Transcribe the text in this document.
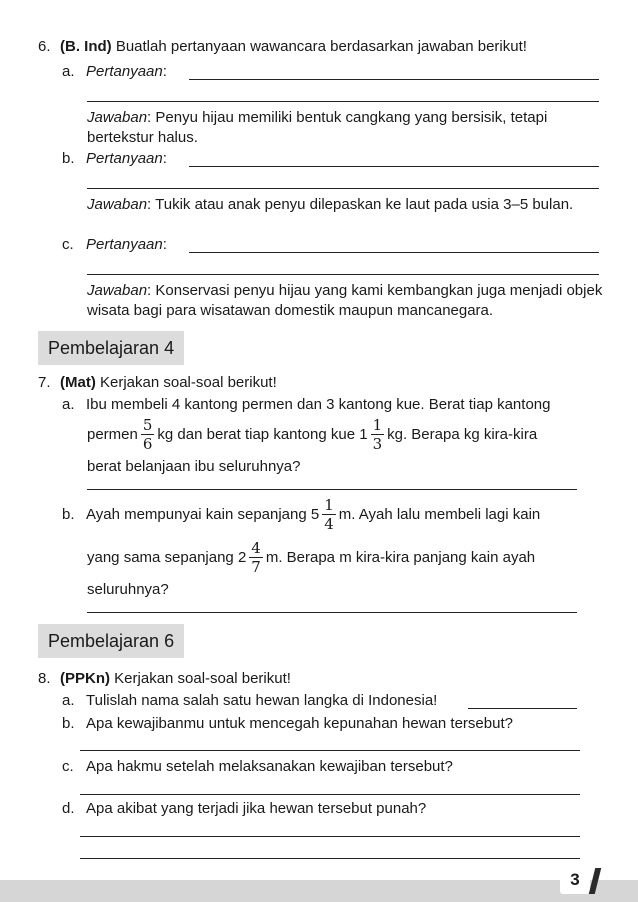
6. (B. Ind) Buatlah pertanyaan wawancara berdasarkan jawaban berikut!

a. Pertanyaan:

Jawaban: Penyu hijau memiliki bentuk cangkang yang bersisik, tetapi bertekstur halus.

b. Pertanyaan:

Jawaban: Tukik atau anak penyu dilepaskan ke laut pada usia 3–5 bulan.

c. Pertanyaan:

Jawaban: Konservasi penyu hijau yang kami kembangkan juga menjadi objek wisata bagi para wisatawan domestik maupun mancanegara.

Pembelajaran 4

7. (Mat) Kerjakan soal-soal berikut!

a. Ibu membeli 4 kantong permen dan 3 kantong kue. Berat tiap kantong

permen $\frac{5}{6}$ kg dan berat tiap kantong kue $1 \frac{1}{3}$ kg. Berapa kg kira-kira

berat belanjaan ibu seluruhnya?

b. Ayah mempunyai kain sepanjang $5 \frac{1}{4} m$. Ayah lalu membeli lagi kain
yang sama sepanjang $2 \frac{4}{7} m$. Berapa m kira-kira panjang kain ayah

seluruhnya?

Pembelajaran 6

8. (PPKn) Kerjakan soal-soal berikut!

a. Tulislah nama salah satu hewan langka di Indonesia!

b. Apa kewajibanmu untuk mencegah kepunahan hewan tersebut?

c. Apa hakmu setelah melaksanakan kewajiban tersebut?

d. Apa akibat yang terjadi jika hewan tersebut punah?

3
